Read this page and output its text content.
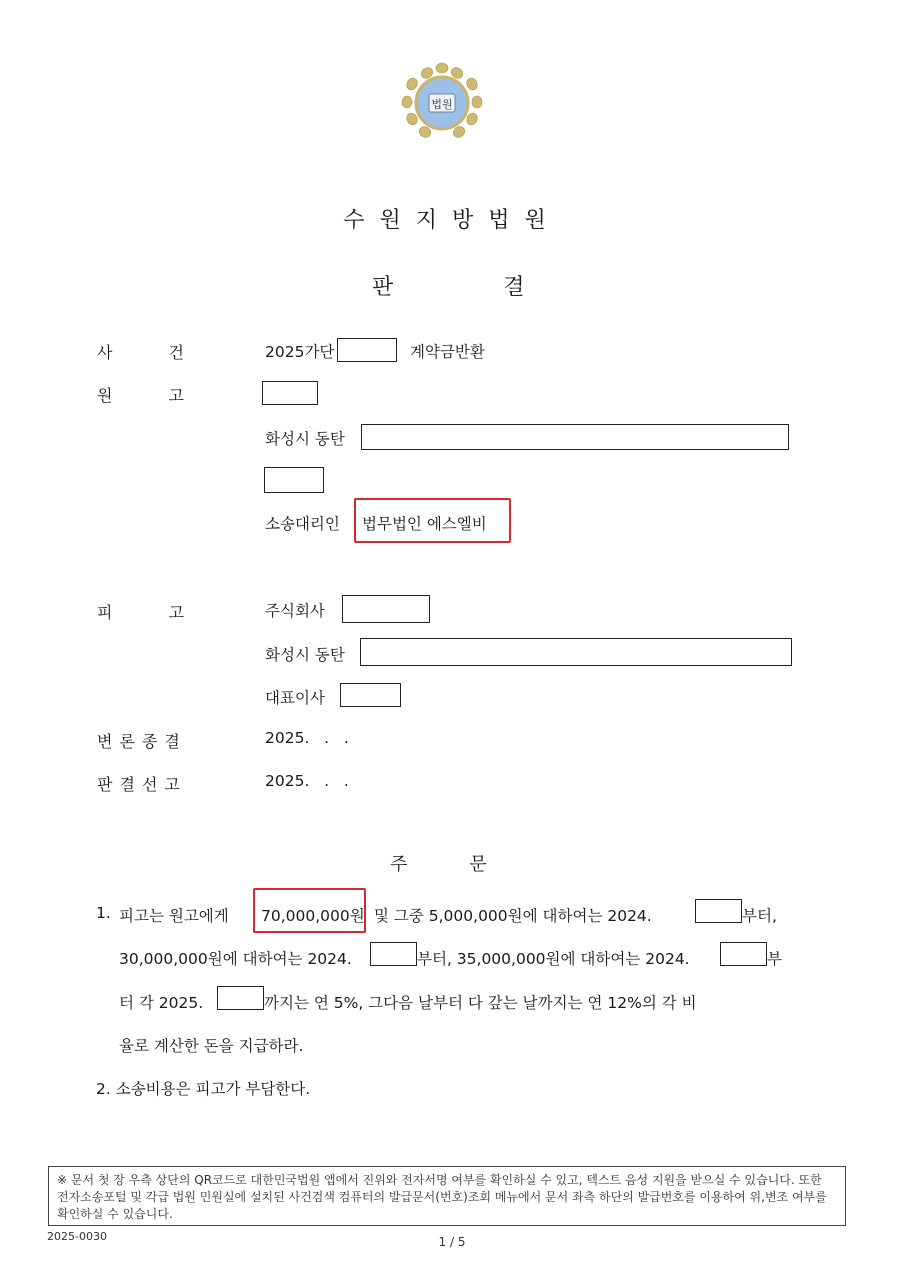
법원
수원지방법원
판	결
사	건	2025가단	계약금반환
원	고
화성시 동탄
소송대리인 법무법인 에스엘비
피	고	주식회사
화성시 동탄
대표이사
변론종결	2025.   .   .
판결선고	2025.   .   .
주	문
1. 피고는 원고에게 70,000,000원 및 그중 5,000,000원에 대하여는 2024.	부터,
30,000,000원에 대하여는 2024.	부터, 35,000,000원에 대하여는 2024.	부
터 각 2025.	까지는 연 5%, 그다음 날부터 다 갚는 날까지는 연 12%의 각 비
율로 계산한 돈을 지급하라.
2. 소송비용은 피고가 부담한다.
※ 문서 첫 장 우측 상단의 QR코드로 대한민국법원 앱에서 진위와 전자서명 여부를 확인하실 수 있고, 텍스트 음성 지원을 받으실 수 있습니다. 또한 전자소송포털 및 각급 법원 민원실에 설치된 사건검색 컴퓨터의 발급문서(번호)조회 메뉴에서 문서 좌측 하단의 발급번호를 이용하여 위,변조 여부를 확인하실 수 있습니다.
2025-0030	1 / 5
